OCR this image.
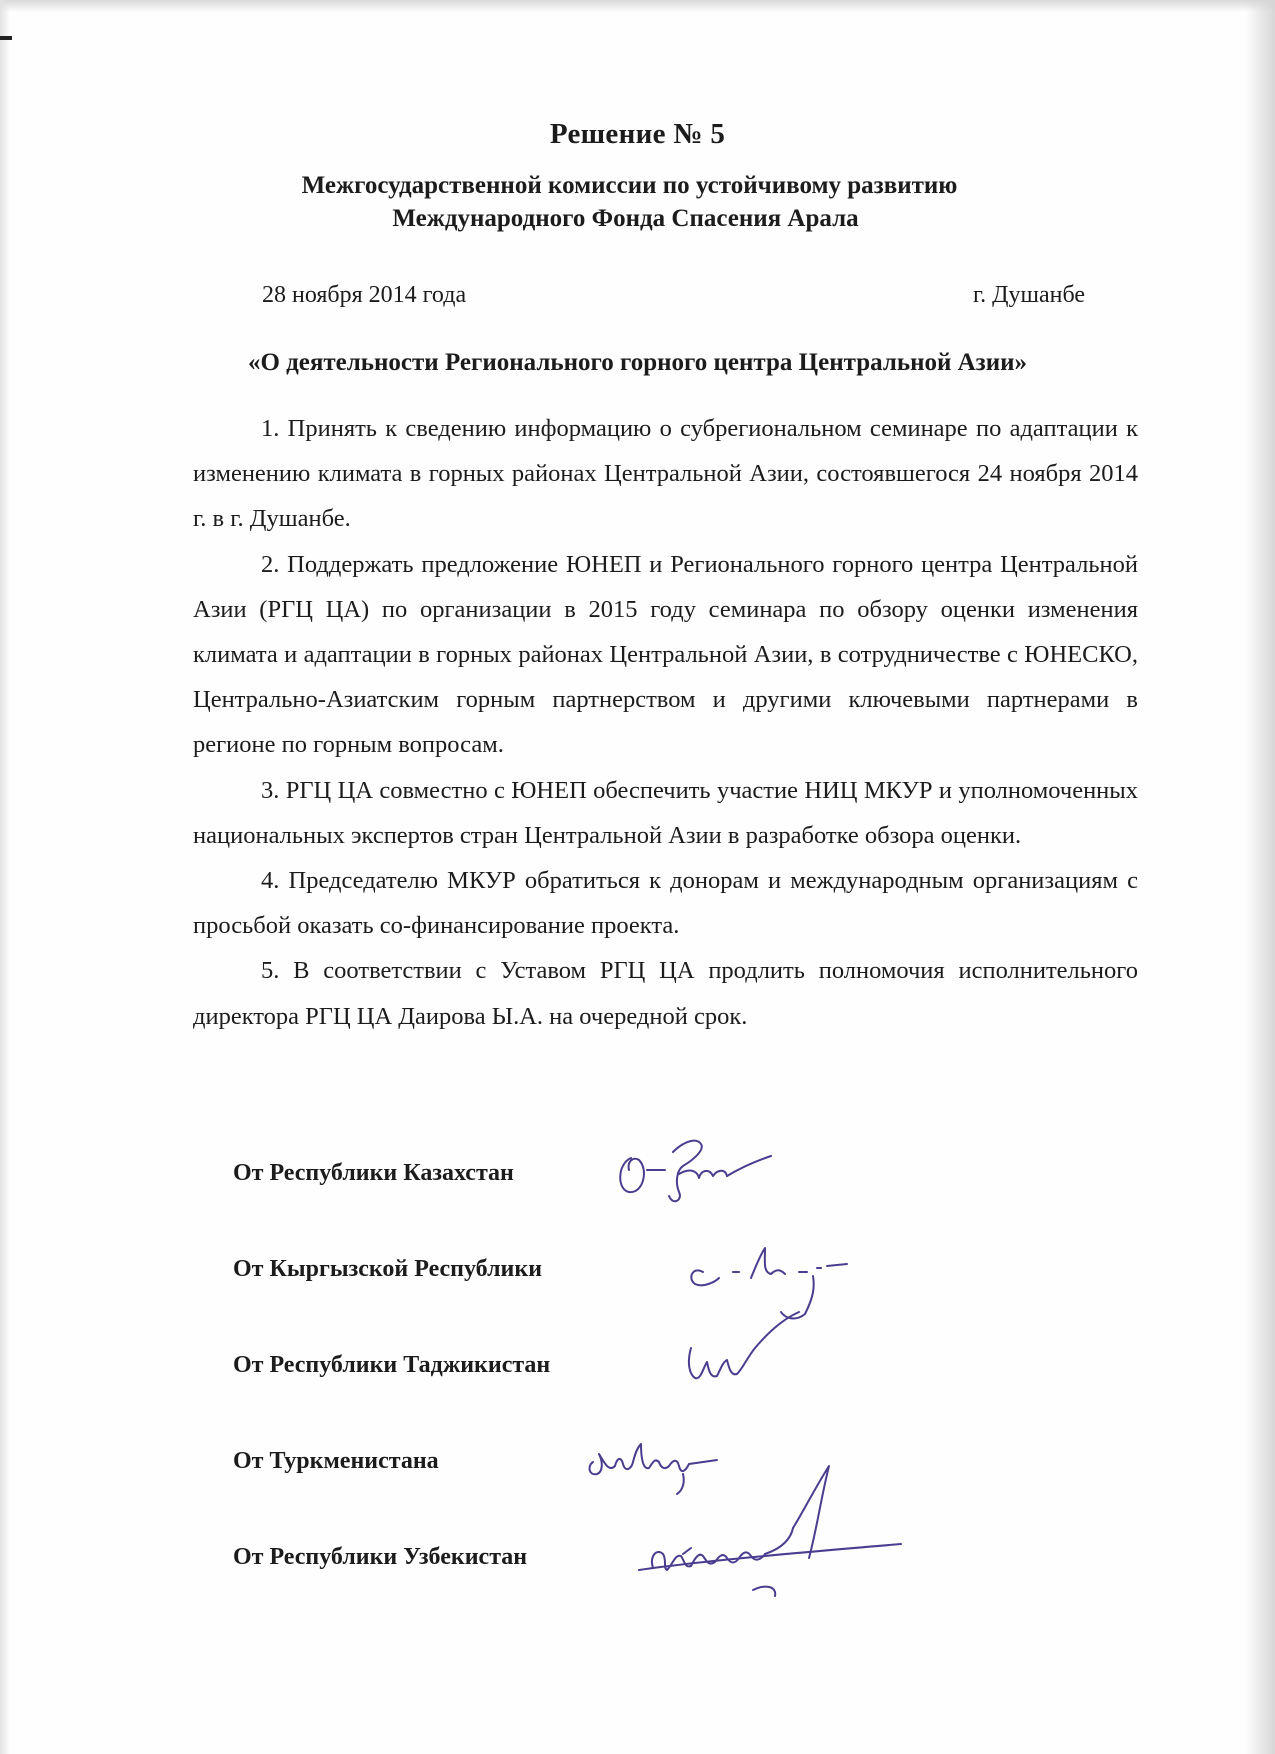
Решение № 5
Межгосударственной комиссии по устойчивому развитию
Международного Фонда Спасения Арала
28 ноября 2014 года	г. Душанбе
«О деятельности Регионального горного центра Центральной Азии»

1. Принять к сведению информацию о субрегиональном семинаре по адаптации к изменению климата в горных районах Центральной Азии, состоявшегося 24 ноября 2014 г. в г. Душанбе.

2. Поддержать предложение ЮНЕП и Регионального горного центра Центральной Азии (РГЦ ЦА) по организации в 2015 году семинара по обзору оценки изменения климата и адаптации в горных районах Центральной Азии, в сотрудничестве с ЮНЕСКО, Центрально-Азиатским горным партнерством и другими ключевыми партнерами в регионе по горным вопросам.

3. РГЦ ЦА совместно с ЮНЕП обеспечить участие НИЦ МКУР и уполномоченных национальных экспертов стран Центральной Азии в разработке обзора оценки.

4. Председателю МКУР обратиться к донорам и международным организациям с просьбой оказать со-финансирование проекта.

5. В соответствии с Уставом РГЦ ЦА продлить полномочия исполнительного директора РГЦ ЦА Даирова Ы.А. на очередной срок.

От Республики Казахстан
От Кыргызской Республики
От Республики Таджикистан
От Туркменистана
От Республики Узбекистан
